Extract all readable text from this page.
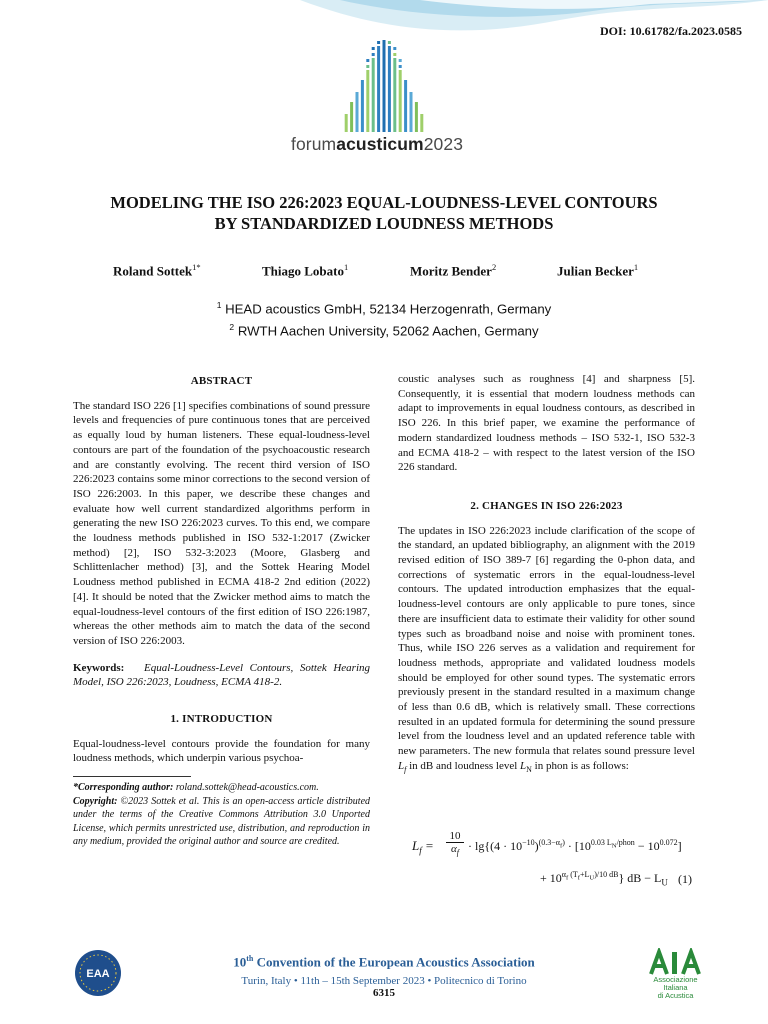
DOI: 10.61782/fa.2023.0585
forumacusticum2023
MODELING THE ISO 226:2023 EQUAL-LOUDNESS-LEVEL CONTOURS
BY STANDARDIZED LOUDNESS METHODS
Roland Sottek$^{1*}$	Thiago Lobato$^1$	Moritz Bender$^2$	Julian Becker$^1$
$^1$ HEAD acoustics GmbH, 52134 Herzogenrath, Germany
$^2$ RWTH Aachen University, 52062 Aachen, Germany
ABSTRACT

The standard ISO 226 [1] specifies combinations of sound pressure levels and frequencies of pure continuous tones that are perceived as equally loud by human listeners. These equal-loudness-level contours are part of the foundation of the psychoacoustic research and are constantly evolving. The recent third version of ISO 226:2023 contains some minor corrections to the second version of ISO 226:2003. In this paper, we describe these changes and evaluate how well current standardized algorithms perform in generating the new ISO 226:2023 curves. To this end, we compare the loudness methods published in ISO 532-1:2017 (Zwicker method) [2], ISO 532-3:2023 (Moore, Glasberg and Schlittenlacher method) [3], and the Sottek Hearing Model Loudness method published in ECMA 418-2 2nd edition (2022) [4]. It should be noted that the Zwicker method aims to match the equal-loudness-level contours of the first edition of ISO 226:1987, whereas the other methods aim to match the data of the second version of ISO 226:2003.

Keywords: Equal-Loudness-Level Contours, Sottek Hearing Model, ISO 226:2023, Loudness, ECMA 418-2.

1. INTRODUCTION

Equal-loudness-level contours provide the foundation for many loudness methods, which underpin various psychoa-

*Corresponding author: roland.sottek@head-acoustics.com.

Copyright: ©2023 Sottek et al. This is an open-access article distributed under the terms of the Creative Commons Attribution 3.0 Unported License, which permits unrestricted use, distribution, and reproduction in any medium, provided the original author and source are credited.

coustic analyses such as roughness [4] and sharpness [5]. Consequently, it is essential that modern loudness methods can adapt to improvements in equal loudness contours, as described in ISO 226. In this brief paper, we examine the performance of modern standardized loudness methods – ISO 532-1, ISO 532-3 and ECMA 418-2 – with respect to the latest version of the ISO 226 standard.

2. CHANGES IN ISO 226:2023

The updates in ISO 226:2023 include clarification of the scope of the standard, an updated bibliography, an alignment with the 2019 revised edition of ISO 389-7 [6] regarding the 0-phon data, and corrections of systematic errors in the equal-loudness-level contours. The updated introduction emphasizes that the equal-loudness-level contours are only applicable to pure tones, since there are insufficient data to estimate their validity for other sound types such as broadband noise and noise with prominent tones. Thus, while ISO 226 serves as a validation and requirement for loudness methods, appropriate and validated loudness models should be employed for other sound types. The systematic errors previously present in the standard resulted in a maximum change of less than 0.6 dB, which is relatively small. These corrections resulted in an updated formula for determining the sound pressure level from the loudness level and an updated reference table with new parameters. The new formula that relates sound pressure level $L_f$ in dB and loudness level $L_N$ in phon is as follows:

$L_f$ =
10
$\alpha_f \cdot \lg\{(4 \cdot 10^{-10})^{(0.3-\alpha_f)} \cdot [10^{0.03 L_N/phon} - 10^{0.072}]$
+ $10^{\alpha_f (T_f+L_U)/10 dB}$} dB − $L_U$ (1)
EAA
10th Convention of the European Acoustics Association
Turin, Italy • 11th – 15th September 2023 • Politecnico di Torino
6315
Associazione
Italiana
di Acustica
